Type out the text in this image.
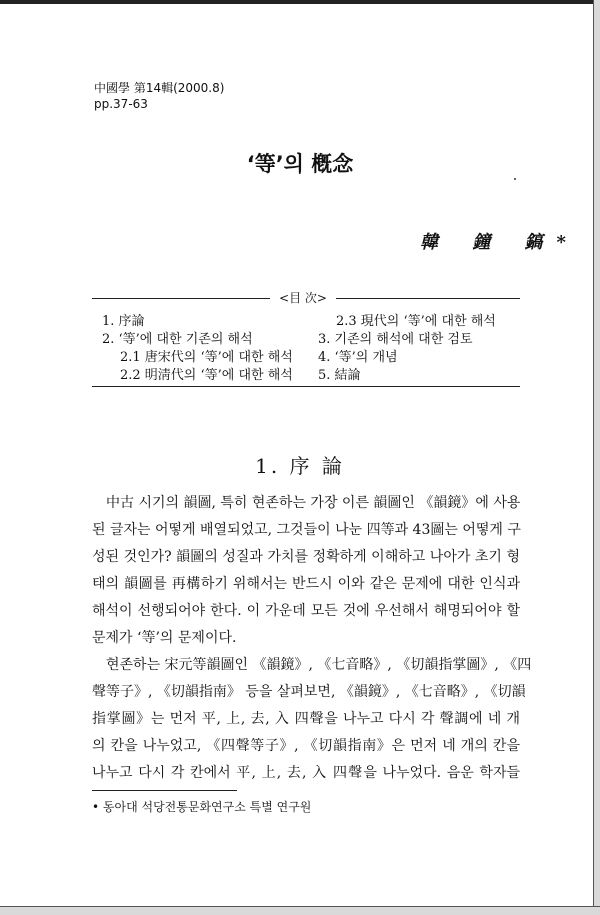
中國學 第14輯(2000.8)
pp.37-63
‘等’의 槪念
韓 鐘 鎬*
<目 次>
1. 序論
2. ‘等’에 대한 기존의 해석
2.1 唐宋代의 ‘等’에 대한 해석
2.2 明淸代의 ‘等’에 대한 해석
2.3 現代의 ‘等’에 대한 해석
3. 기존의 해석에 대한 검토
4. ‘等’의 개념
5. 結論
1. 序 論
中古 시기의 韻圖, 특히 현존하는 가장 이른 韻圖인 《韻鏡》에 사용
된 글자는 어떻게 배열되었고, 그것들이 나눈 四等과 43圖는 어떻게 구
성된 것인가? 韻圖의 성질과 가치를 정확하게 이해하고 나아가 초기 형
태의 韻圖를 再構하기 위해서는 반드시 이와 같은 문제에 대한 인식과
해석이 선행되어야 한다. 이 가운데 모든 것에 우선해서 해명되어야 할
문제가 ‘等’의 문제이다.
현존하는 宋元等韻圖인 《韻鏡》, 《七音略》, 《切韻指掌圖》, 《四
聲等子》, 《切韻指南》 등을 살펴보면, 《韻鏡》, 《七音略》, 《切韻
指掌圖》는 먼저 平, 上, 去, 入 四聲을 나누고 다시 각 聲調에 네 개
의 칸을 나누었고, 《四聲等子》, 《切韻指南》은 먼저 네 개의 칸을
나누고 다시 각 칸에서 平, 上, 去, 入 四聲을 나누었다. 음운 학자들
• 동아대 석당전통문화연구소 특별 연구원
